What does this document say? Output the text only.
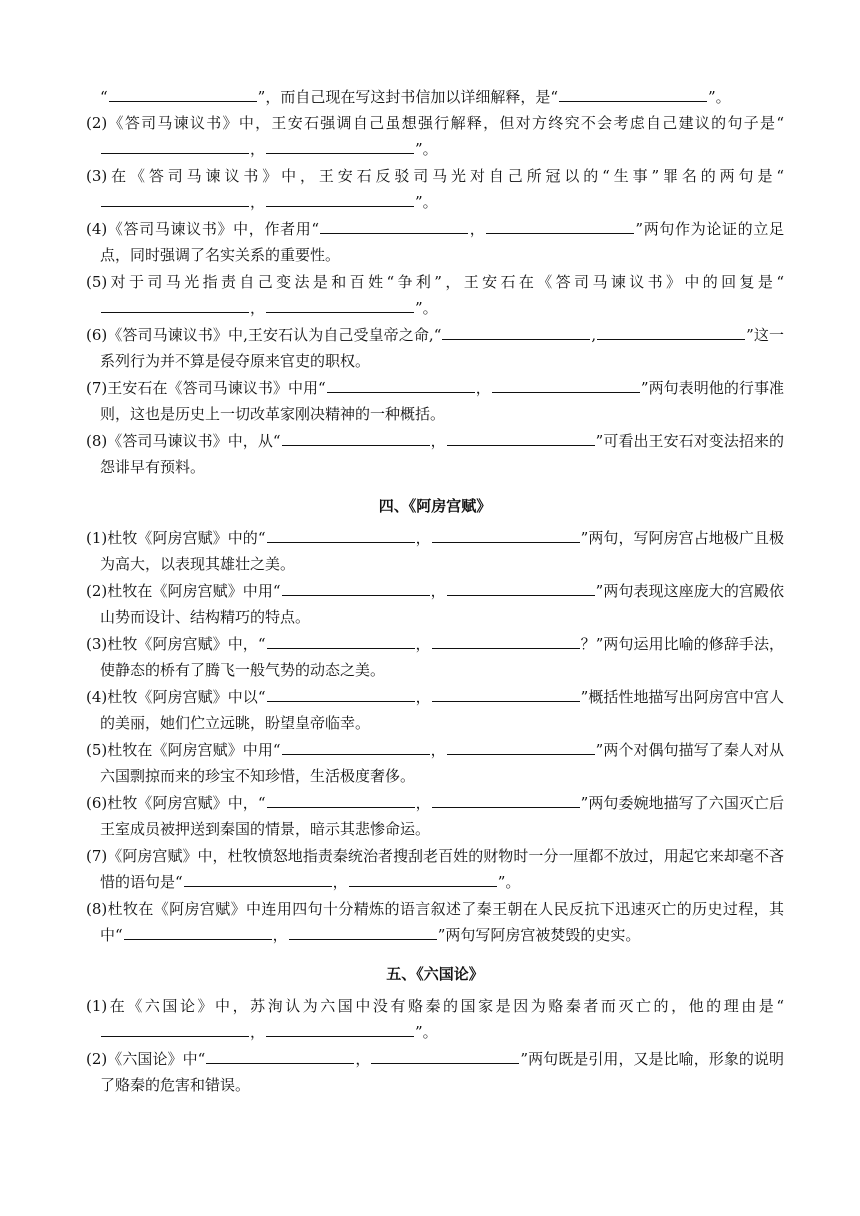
“	”，而自己现在写这封书信加以详细解释，是“	”。

(2)《答司马谏议书》中，王安石强调自己虽想强行解释，但对方终究不会考虑自己建议的句子是“，	”。

(3)在《答司马谏议书》中，王安石反驳司马光对自己所冠以的“生事”罪名的两句是“，	”。

(4)《答司马谏议书》中，作者用“	，	”两句作为论证的立足点，同时强调了名实关系的重要性。

(5)对于司马光指责自己变法是和百姓“争利”，王安石在《答司马谏议书》中的回复是“，	”。

(6)《答司马谏议书》中,王安石认为自己受皇帝之命,“	,	”这一系列行为并不算是侵夺原来官吏的职权。

(7)王安石在《答司马谏议书》中用“	，	”两句表明他的行事准则，这也是历史上一切改革家刚决精神的一种概括。

(8)《答司马谏议书》中，从“	，	”可看出王安石对变法招来的怨诽早有预料。

四、《阿房宫赋》

(1)杜牧《阿房宫赋》中的“	，	”两句，写阿房宫占地极广且极为高大，以表现其雄壮之美。

(2)杜牧在《阿房宫赋》中用“	，	”两句表现这座庞大的宫殿依山势而设计、结构精巧的特点。

(3)杜牧《阿房宫赋》中，“	，	？”两句运用比喻的修辞手法，使静态的桥有了腾飞一般气势的动态之美。

(4)杜牧《阿房宫赋》中以“	，	”概括性地描写出阿房宫中宫人的美丽，她们伫立远眺，盼望皇帝临幸。

(5)杜牧在《阿房宫赋》中用“	，	”两个对偶句描写了秦人对从六国剽掠而来的珍宝不知珍惜，生活极度奢侈。

(6)杜牧《阿房宫赋》中，“	，	”两句委婉地描写了六国灭亡后王室成员被押送到秦国的情景，暗示其悲惨命运。

(7)《阿房宫赋》中，杜牧愤怒地指责秦统治者搜刮老百姓的财物时一分一厘都不放过，用起它来却毫不吝惜的语句是“	，	”。

(8)杜牧在《阿房宫赋》中连用四句十分精炼的语言叙述了秦王朝在人民反抗下迅速灭亡的历史过程，其中“	，	”两句写阿房宫被焚毁的史实。

五、《六国论》

(1)在《六国论》中，苏洵认为六国中没有赂秦的国家是因为赂秦者而灭亡的，他的理由是“，	”。

(2)《六国论》中“	，	”两句既是引用，又是比喻，形象的说明了赂秦的危害和错误。
